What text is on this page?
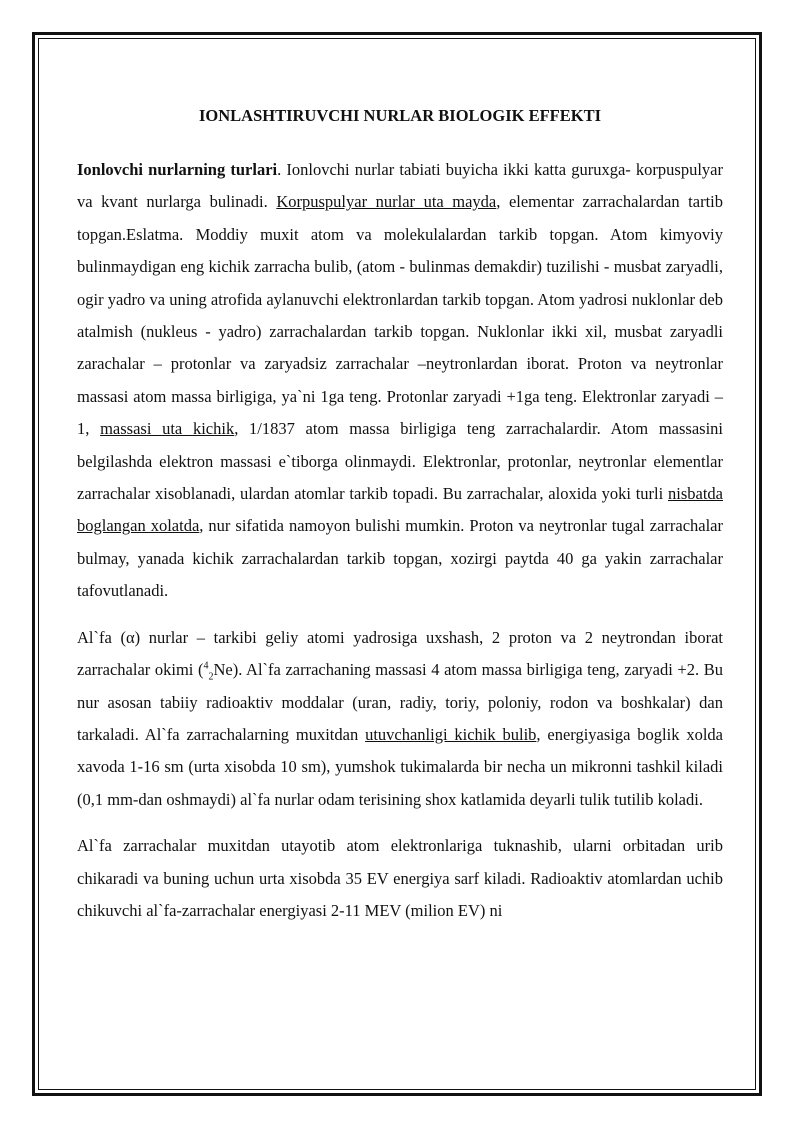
IONLASHTIRUVCHI NURLAR BIOLOGIK EFFEKTI

Ionlovchi nurlarning turlari. Ionlovchi nurlar tabiati buyicha ikki katta guruxga- korpuspulyar va kvant nurlarga bulinadi. Korpuspulyar nurlar uta mayda, elementar zarrachalardan tartib topgan.Eslatma. Moddiy muxit atom va molekulalardan tarkib topgan. Atom kimyoviy bulinmaydigan eng kichik zarracha bulib, (atom - bulinmas demakdir) tuzilishi - musbat zaryadli, ogir yadro va uning atrofida aylanuvchi elektronlardan tarkib topgan. Atom yadrosi nuklonlar deb atalmish (nukleus - yadro) zarrachalardan tarkib topgan. Nuklonlar ikki xil, musbat zaryadli zarachalar – protonlar va zaryadsiz zarrachalar –neytronlardan iborat. Proton va neytronlar massasi atom massa birligiga, ya`ni 1ga teng. Protonlar zaryadi +1ga teng. Elektronlar zaryadi –1, massasi uta kichik, 1/1837 atom massa birligiga teng zarrachalardir. Atom massasini belgilashda elektron massasi e`tiborga olinmaydi. Elektronlar, protonlar, neytronlar elementlar zarrachalar xisoblanadi, ulardan atomlar tarkib topadi. Bu zarrachalar, aloxida yoki turli nisbatda boglangan xolatda, nur sifatida namoyon bulishi mumkin. Proton va neytronlar tugal zarrachalar bulmay, yanada kichik zarrachalardan tarkib topgan, xozirgi paytda 40 ga yakin zarrachalar tafovutlanadi.

Al`fa (α) nurlar – tarkibi geliy atomi yadrosiga uxshash, 2 proton va 2 neytrondan iborat zarrachalar okimi ($^4_2$Ne). Al`fa zarrachaning massasi 4 atom massa birligiga teng, zaryadi +2. Bu nur asosan tabiiy radioaktiv moddalar (uran, radiy, toriy, poloniy, rodon va boshkalar) dan tarkaladi. Al`fa zarrachalarning muxitdan utuvchanligi kichik bulib, energiyasiga boglik xolda xavoda 1-16 sm (urta xisobda 10 sm), yumshok tukimalarda bir necha un mikronni tashkil kiladi (0,1 mm-dan oshmaydi) al`fa nurlar odam terisining shox katlamida deyarli tulik tutilib koladi.

Al`fa zarrachalar muxitdan utayotib atom elektronlariga tuknashib, ularni orbitadan urib chikaradi va buning uchun urta xisobda 35 EV energiya sarf kiladi. Radioaktiv atomlardan uchib chikuvchi al`fa-zarrachalar energiyasi 2-11 MEV (milion EV) ni
